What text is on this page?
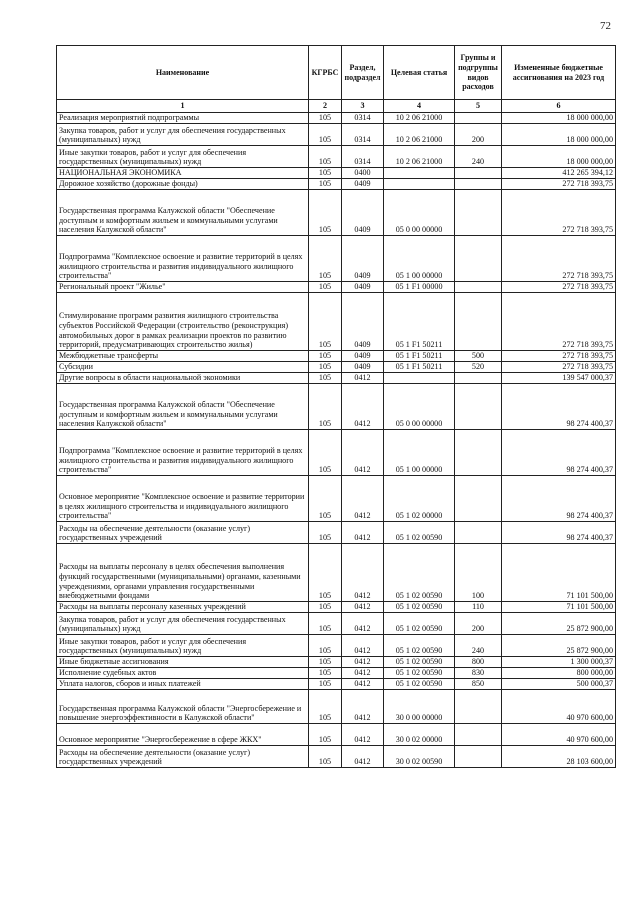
72
Наименование	КГРБС	Раздел, подраздел	Целевая статья	Группы и подгруппы видов расходов	Измененные бюджетные ассигнования на 2023 год
1	2	3	4	5	6
Реализация мероприятий подпрограммы	105	0314	10 2 06 21000		18 000 000,00
Закупка товаров, работ и услуг для обеспечения государственных (муниципальных) нужд	105	0314	10 2 06 21000	200	18 000 000,00
Иные закупки товаров, работ и услуг для обеспечения государственных (муниципальных) нужд	105	0314	10 2 06 21000	240	18 000 000,00
НАЦИОНАЛЬНАЯ ЭКОНОМИКА	105	0400			412 265 394,12
Дорожное хозяйство (дорожные фонды)	105	0409			272 718 393,75
Государственная программа Калужской области "Обеспечение доступным и комфортным жильем и коммунальными услугами населения Калужской области"	105	0409	05 0 00 00000		272 718 393,75
Подпрограмма "Комплексное освоение и развитие территорий в целях жилищного строительства и развития индивидуального жилищного строительства"	105	0409	05 1 00 00000		272 718 393,75
Региональный проект "Жилье"	105	0409	05 1 F1 00000		272 718 393,75
Стимулирование программ развития жилищного строительства субъектов Российской Федерации (строительство (реконструкция) автомобильных дорог в рамках реализации проектов по развитию территорий, предусматривающих строительство жилья)	105	0409	05 1 F1 50211		272 718 393,75
Межбюджетные трансферты	105	0409	05 1 F1 50211	500	272 718 393,75
Субсидии	105	0409	05 1 F1 50211	520	272 718 393,75
Другие вопросы в области национальной экономики	105	0412			139 547 000,37
Государственная программа Калужской области "Обеспечение доступным и комфортным жильем и коммунальными услугами населения Калужской области"	105	0412	05 0 00 00000		98 274 400,37
Подпрограмма "Комплексное освоение и развитие территорий в целях жилищного строительства и развития индивидуального жилищного строительства"	105	0412	05 1 00 00000		98 274 400,37
Основное мероприятие "Комплексное освоение и развитие территории в целях жилищного строительства и индивидуального жилищного строительства"	105	0412	05 1 02 00000		98 274 400,37
Расходы на обеспечение деятельности (оказание услуг) государственных учреждений	105	0412	05 1 02 00590		98 274 400,37
Расходы на выплаты персоналу в целях обеспечения выполнения функций государственными (муниципальными) органами, казенными учреждениями, органами управления государственными внебюджетными фондами	105	0412	05 1 02 00590	100	71 101 500,00
Расходы на выплаты персоналу казенных учреждений	105	0412	05 1 02 00590	110	71 101 500,00
Закупка товаров, работ и услуг для обеспечения государственных (муниципальных) нужд	105	0412	05 1 02 00590	200	25 872 900,00
Иные закупки товаров, работ и услуг для обеспечения государственных (муниципальных) нужд	105	0412	05 1 02 00590	240	25 872 900,00
Иные бюджетные ассигнования	105	0412	05 1 02 00590	800	1 300 000,37
Исполнение судебных актов	105	0412	05 1 02 00590	830	800 000,00
Уплата налогов, сборов и иных платежей	105	0412	05 1 02 00590	850	500 000,37
Государственная программа Калужской области "Энергосбережение и повышение энергоэффективности в Калужской области"	105	0412	30 0 00 00000		40 970 600,00
Основное мероприятие "Энергосбережение в сфере ЖКХ"	105	0412	30 0 02 00000		40 970 600,00
Расходы на обеспечение деятельности (оказание услуг) государственных учреждений	105	0412	30 0 02 00590		28 103 600,00
